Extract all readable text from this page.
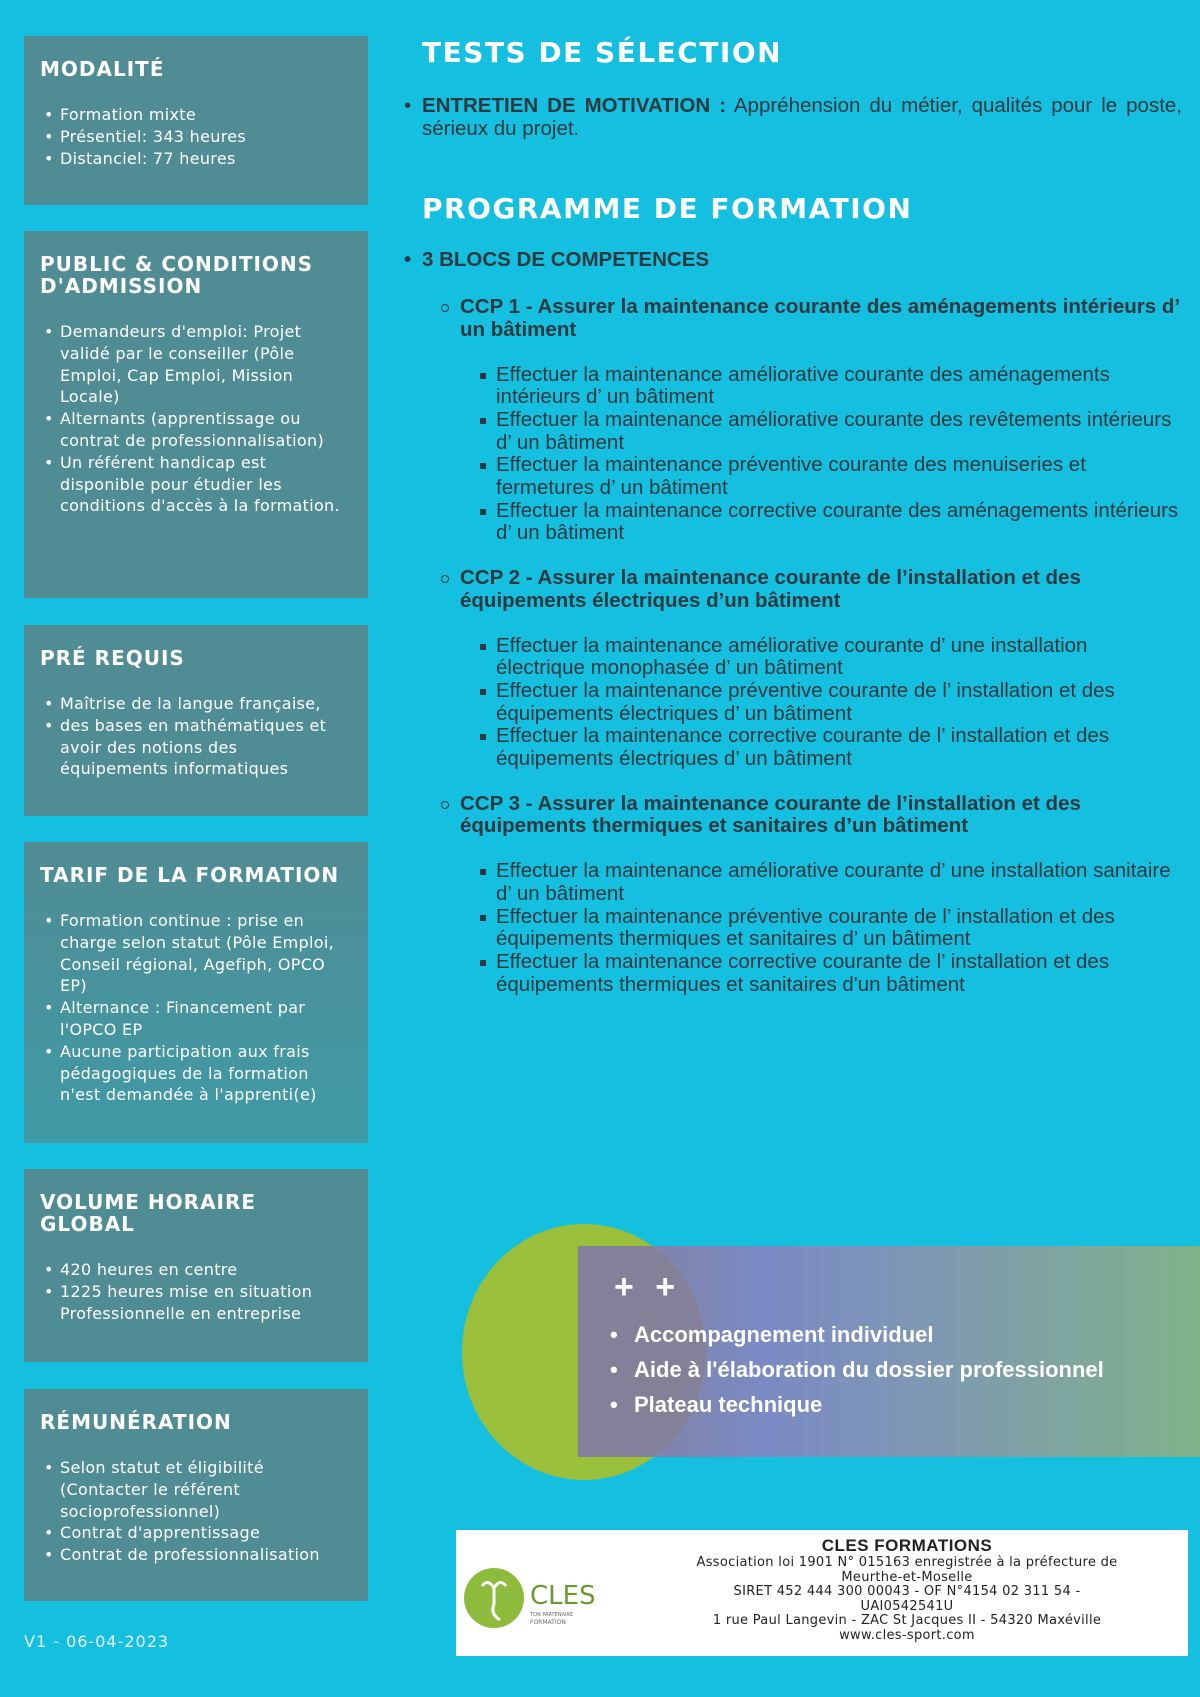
MODALITÉ
• Formation mixte
• Présentiel: 343 heures
• Distanciel: 77 heures
PUBLIC & CONDITIONS D'ADMISSION
• Demandeurs d'emploi: Projet validé par le conseiller (Pôle Emploi, Cap Emploi, Mission Locale)
• Alternants (apprentissage ou contrat de professionnalisation)
• Un référent handicap est disponible pour étudier les conditions d'accès à la formation.
PRÉ REQUIS
• Maîtrise de la langue française,
• des bases en mathématiques et avoir des notions des équipements informatiques
TARIF DE LA FORMATION
• Formation continue : prise en charge selon statut (Pôle Emploi, Conseil régional, Agefiph, OPCO EP)
• Alternance : Financement par l'OPCO EP
• Aucune participation aux frais pédagogiques de la formation n'est demandée à l'apprenti(e)
VOLUME HORAIRE GLOBAL
• 420 heures en centre
• 1225 heures mise en situation Professionnelle en entreprise
RÉMUNÉRATION
• Selon statut et éligibilité (Contacter le référent socioprofessionnel)
• Contrat d'apprentissage
• Contrat de professionnalisation
V1 - 06-04-2023
TESTS DE SÉLECTION
• ENTRETIEN DE MOTIVATION : Appréhension du métier, qualités pour le poste, sérieux du projet.
PROGRAMME DE FORMATION
• 3 BLOCS DE COMPETENCES
CCP 1 - Assurer la maintenance courante des aménagements intérieurs d’ un bâtiment
Effectuer la maintenance améliorative courante des aménagements intérieurs d’ un bâtiment
Effectuer la maintenance améliorative courante des revêtements intérieurs d’ un bâtiment
Effectuer la maintenance préventive courante des menuiseries et fermetures d’ un bâtiment
Effectuer la maintenance corrective courante des aménagements intérieurs d’ un bâtiment
CCP 2 - Assurer la maintenance courante de l’installation et des équipements électriques d’un bâtiment
Effectuer la maintenance améliorative courante d’ une installation électrique monophasée d’ un bâtiment
Effectuer la maintenance préventive courante de l’ installation et des équipements électriques d’ un bâtiment
Effectuer la maintenance corrective courante de l’ installation et des équipements électriques d’ un bâtiment
CCP 3 - Assurer la maintenance courante de l’installation et des équipements thermiques et sanitaires d’un bâtiment
Effectuer la maintenance améliorative courante d’ une installation sanitaire d’ un bâtiment
Effectuer la maintenance préventive courante de l’ installation et des équipements thermiques et sanitaires d’ un bâtiment
Effectuer la maintenance corrective courante de l’ installation et des équipements thermiques et sanitaires d'un bâtiment
+ +
• Accompagnement individuel
• Aide à l'élaboration du dossier professionnel
• Plateau technique
CLES
TON PARTENAIRE
FORMATION
CLES FORMATIONS
Association loi 1901 N° 015163 enregistrée à la préfecture de
Meurthe-et-Moselle
SIRET 452 444 300 00043 - OF N°4154 02 311 54 -
UAI0542541U
1 rue Paul Langevin - ZAC St Jacques II - 54320 Maxéville
www.cles-sport.com
